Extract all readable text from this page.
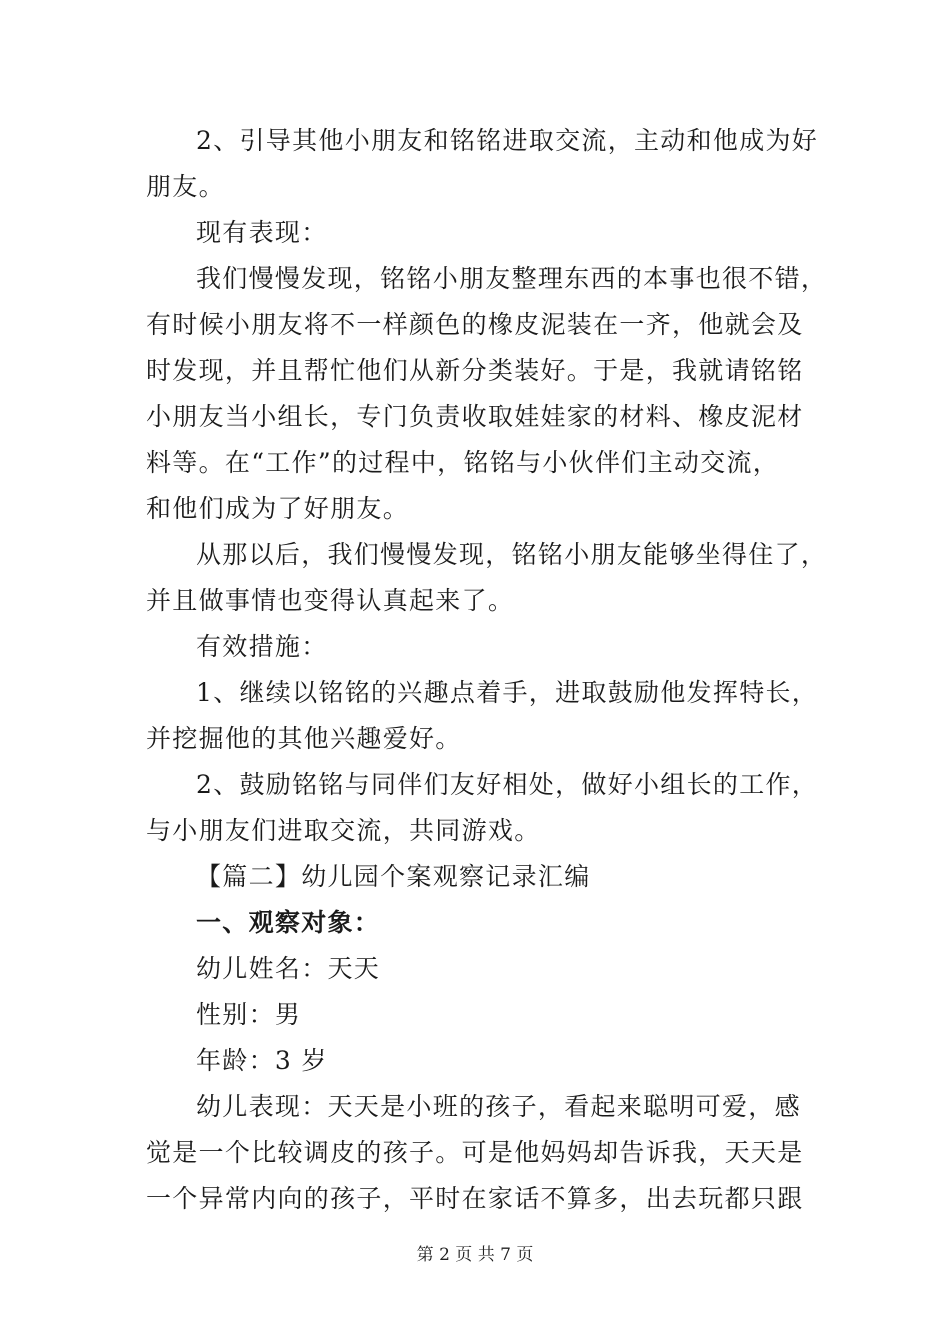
2、引导其他小朋友和铭铭进取交流，主动和他成为好
朋友。
现有表现：
我们慢慢发现，铭铭小朋友整理东西的本事也很不错，
有时候小朋友将不一样颜色的橡皮泥装在一齐，他就会及
时发现，并且帮忙他们从新分类装好。于是，我就请铭铭
小朋友当小组长，专门负责收取娃娃家的材料、橡皮泥材
料等。在“工作”的过程中，铭铭与小伙伴们主动交流，
和他们成为了好朋友。
从那以后，我们慢慢发现，铭铭小朋友能够坐得住了，
并且做事情也变得认真起来了。
有效措施：
1、继续以铭铭的兴趣点着手，进取鼓励他发挥特长，
并挖掘他的其他兴趣爱好。
2、鼓励铭铭与同伴们友好相处，做好小组长的工作，
与小朋友们进取交流，共同游戏。
【篇二】幼儿园个案观察记录汇编
一、观察对象：
幼儿姓名：天天
性别：男
年龄：3 岁
幼儿表现：天天是小班的孩子，看起来聪明可爱，感
觉是一个比较调皮的孩子。可是他妈妈却告诉我，天天是
一个异常内向的孩子，平时在家话不算多，出去玩都只跟
第 2 页 共 7 页
